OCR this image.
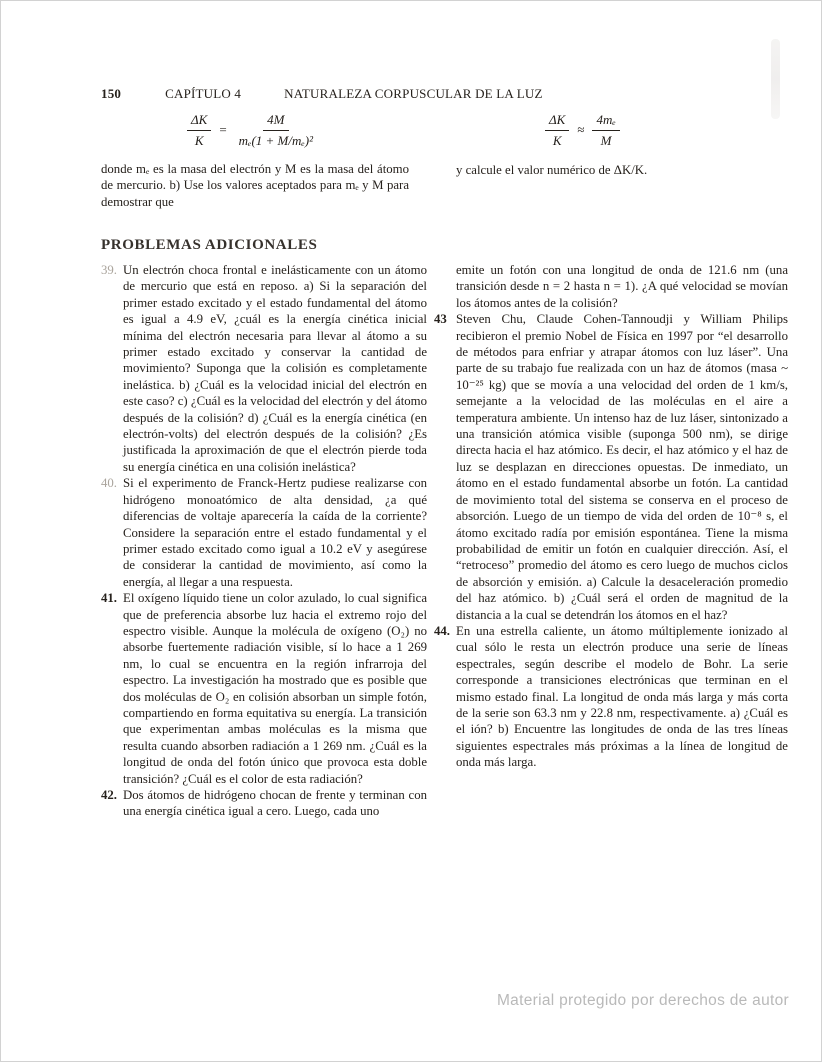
150	CAPÍTULO 4	NATURALEZA CORPUSCULAR DE LA LUZ
$\frac{\Delta K}{K} = \frac{4M}{\text{mₑ(1 + M/mₑ)²}}$	$\frac{\Delta K}{K} \approx \frac{\text{4mₑ}}{M}$
donde mₑ es la masa del electrón y M es la masa del átomo de mercurio. b) Use los valores aceptados para mₑ y M para demostrar que
y calcule el valor numérico de ΔK/K.
PROBLEMAS ADICIONALES
39. Un electrón choca frontal e inelásticamente con un átomo de mercurio que está en reposo. a) Si la separación del primer estado excitado y el estado fundamental del átomo es igual a 4.9 eV, ¿cuál es la energía cinética inicial mínima del electrón necesaria para llevar al átomo a su primer estado excitado y conservar la cantidad de movimiento? Suponga que la colisión es completamente inelástica. b) ¿Cuál es la velocidad inicial del electrón en este caso? c) ¿Cuál es la velocidad del electrón y del átomo después de la colisión? d) ¿Cuál es la energía cinética (en electrón-volts) del electrón después de la colisión? ¿Es justificada la aproximación de que el electrón pierde toda su energía cinética en una colisión inelástica?
40. Si el experimento de Franck-Hertz pudiese realizarse con hidrógeno monoatómico de alta densidad, ¿a qué diferencias de voltaje aparecería la caída de la corriente? Considere la separación entre el estado fundamental y el primer estado excitado como igual a 10.2 eV y asegúrese de considerar la cantidad de movimiento, así como la energía, al llegar a una respuesta.
41. El oxígeno líquido tiene un color azulado, lo cual significa que de preferencia absorbe luz hacia el extremo rojo del espectro visible. Aunque la molécula de oxígeno (O₂) no absorbe fuertemente radiación visible, sí lo hace a 1 269 nm, lo cual se encuentra en la región infrarroja del espectro. La investigación ha mostrado que es posible que dos moléculas de O₂ en colisión absorban un simple fotón, compartiendo en forma equitativa su energía. La transición que experimentan ambas moléculas es la misma que resulta cuando absorben radiación a 1 269 nm. ¿Cuál es la longitud de onda del fotón único que provoca esta doble transición? ¿Cuál es el color de esta radiación?
42. Dos átomos de hidrógeno chocan de frente y terminan con una energía cinética igual a cero. Luego, cada uno
emite un fotón con una longitud de onda de 121.6 nm (una transición desde n = 2 hasta n = 1). ¿A qué velocidad se movían los átomos antes de la colisión?
43 Steven Chu, Claude Cohen-Tannoudji y William Philips recibieron el premio Nobel de Física en 1997 por “el desarrollo de métodos para enfriar y atrapar átomos con luz láser”. Una parte de su trabajo fue realizada con un haz de átomos (masa ~ 10⁻²⁵ kg) que se movía a una velocidad del orden de 1 km/s, semejante a la velocidad de las moléculas en el aire a temperatura ambiente. Un intenso haz de luz láser, sintonizado a una transición atómica visible (suponga 500 nm), se dirige directa hacia el haz atómico. Es decir, el haz atómico y el haz de luz se desplazan en direcciones opuestas. De inmediato, un átomo en el estado fundamental absorbe un fotón. La cantidad de movimiento total del sistema se conserva en el proceso de absorción. Luego de un tiempo de vida del orden de 10⁻⁸ s, el átomo excitado radía por emisión espontánea. Tiene la misma probabilidad de emitir un fotón en cualquier dirección. Así, el “retroceso” promedio del átomo es cero luego de muchos ciclos de absorción y emisión. a) Calcule la desaceleración promedio del haz atómico. b) ¿Cuál será el orden de magnitud de la distancia a la cual se detendrán los átomos en el haz?
44. En una estrella caliente, un átomo múltiplemente ionizado al cual sólo le resta un electrón produce una serie de líneas espectrales, según describe el modelo de Bohr. La serie corresponde a transiciones electrónicas que terminan en el mismo estado final. La longitud de onda más larga y más corta de la serie son 63.3 nm y 22.8 nm, respectivamente. a) ¿Cuál es el ión? b) Encuentre las longitudes de onda de las tres líneas siguientes espectrales más próximas a la línea de longitud de onda más larga.
Material protegido por derechos de autor
